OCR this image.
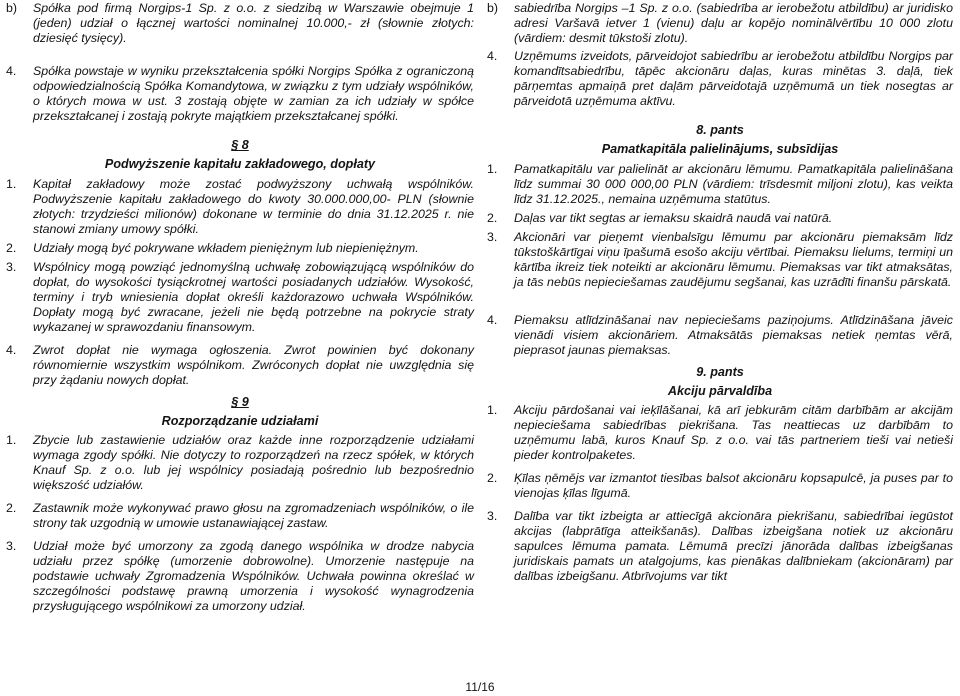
b)	Spółka pod firmą Norgips-1 Sp. z o.o. z siedzibą w Warszawie obejmuje 1 (jeden) udział o łącznej wartości nominalnej 10.000,- zł (słownie złotych: dziesięć tysięcy).
4.	Spółka powstaje w wyniku przekształcenia spółki Norgips Spółka z ograniczoną odpowiedzialnością Spółka Komandytowa, w związku z tym udziały wspólników, o których mowa w ust. 3 zostają objęte w zamian za ich udziały w spółce przekształcanej i zostają pokryte majątkiem przekształcanej spółki.
§ 8
Podwyższenie kapitału zakładowego, dopłaty
1.	Kapitał zakładowy może zostać podwyższony uchwałą wspólników. Podwyższenie kapitału zakładowego do kwoty 30.000.000,00- PLN (słownie złotych: trzydzieści milionów) dokonane w terminie do dnia 31.12.2025 r. nie stanowi zmiany umowy spółki.
2.	Udziały mogą być pokrywane wkładem pieniężnym lub niepieniężnym.
3.	Wspólnicy mogą powziąć jednomyślną uchwałę zobowiązującą wspólników do dopłat, do wysokości tysiąckrotnej wartości posiadanych udziałów. Wysokość, terminy i tryb wniesienia dopłat określi każdorazowo uchwała Wspólników. Dopłaty mogą być zwracane, jeżeli nie będą potrzebne na pokrycie straty wykazanej w sprawozdaniu finansowym.
4.	Zwrot dopłat nie wymaga ogłoszenia. Zwrot powinien być dokonany równomiernie wszystkim wspólnikom. Zwróconych dopłat nie uwzględnia się przy żądaniu nowych dopłat.
§ 9
Rozporządzanie udziałami
1.	Zbycie lub zastawienie udziałów oraz każde inne rozporządzenie udziałami wymaga zgody spółki. Nie dotyczy to rozporządzeń na rzecz spółek, w których Knauf Sp. z o.o. lub jej wspólnicy posiadają pośrednio lub bezpośrednio większość udziałów.
2.	Zastawnik może wykonywać prawo głosu na zgromadzeniach wspólników, o ile strony tak uzgodnią w umowie ustanawiającej zastaw.
3.	Udział może być umorzony za zgodą danego wspólnika w drodze nabycia udziału przez spółkę (umorzenie dobrowolne). Umorzenie następuje na podstawie uchwały Zgromadzenia Wspólników. Uchwała powinna określać w szczególności podstawę prawną umorzenia i wysokość wynagrodzenia przysługującego wspólnikowi za umorzony udział.
b)	sabiedrība Norgips –1 Sp. z o.o. (sabiedrība ar ierobežotu atbildību) ar juridisko adresi Varšavā ietver 1 (vienu) daļu ar kopējo nominālvērtību 10 000 zlotu (vārdiem: desmit tūkstoši zlotu).
4.	Uzņēmums izveidots, pārveidojot sabiedrību ar ierobežotu atbildību Norgips par komandītsabiedrību, tāpēc akcionāru daļas, kuras minētas 3. daļā, tiek pārņemtas apmaiņā pret daļām pārveidotajā uzņēmumā un tiek nosegtas ar pārveidotā uzņēmuma aktīvu.
8. pants
Pamatkapitāla palielinājums, subsīdijas
1.	Pamatkapitālu var palielināt ar akcionāru lēmumu. Pamatkapitāla palielināšana līdz summai 30 000 000,00 PLN (vārdiem: trīsdesmit miljoni zlotu), kas veikta līdz 31.12.2025., nemaina uzņēmuma statūtus.
2.	Daļas var tikt segtas ar iemaksu skaidrā naudā vai natūrā.
3.	Akcionāri var pieņemt vienbalsīgu lēmumu par akcionāru piemaksām līdz tūkstoškārtīgai viņu īpašumā esošo akciju vērtībai. Piemaksu lielums, termiņi un kārtība ikreiz tiek noteikti ar akcionāru lēmumu. Piemaksas var tikt atmaksātas, ja tās nebūs nepieciešamas zaudējumu segšanai, kas uzrādīti finanšu pārskatā.
4.	Piemaksu atlīdzināšanai nav nepieciešams paziņojums. Atlīdzināšana jāveic vienādi visiem akcionāriem. Atmaksātās piemaksas netiek ņemtas vērā, pieprasot jaunas piemaksas.
9. pants
Akciju pārvaldība
1.	Akciju pārdošanai vai ieķīlāšanai, kā arī jebkurām citām darbībām ar akcijām nepieciešama sabiedrības piekrišana. Tas neattiecas uz darbībām to uzņēmumu labā, kuros Knauf Sp. z o.o. vai tās partneriem tieši vai netieši pieder kontrolpaketes.
2.	Ķīlas ņēmējs var izmantot tiesības balsot akcionāru kopsapulcē, ja puses par to vienojas ķīlas līgumā.
3.	Dalība var tikt izbeigta ar attiecīgā akcionāra piekrišanu, sabiedrībai iegūstot akcijas (labprātīga atteikšanās). Dalības izbeigšana notiek uz akcionāru sapulces lēmuma pamata. Lēmumā precīzi jānorāda dalības izbeigšanas juridiskais pamats un atalgojums, kas pienākas dalībniekam (akcionāram) par dalības izbeigšanu. Atbrīvojums var tikt
11/16
